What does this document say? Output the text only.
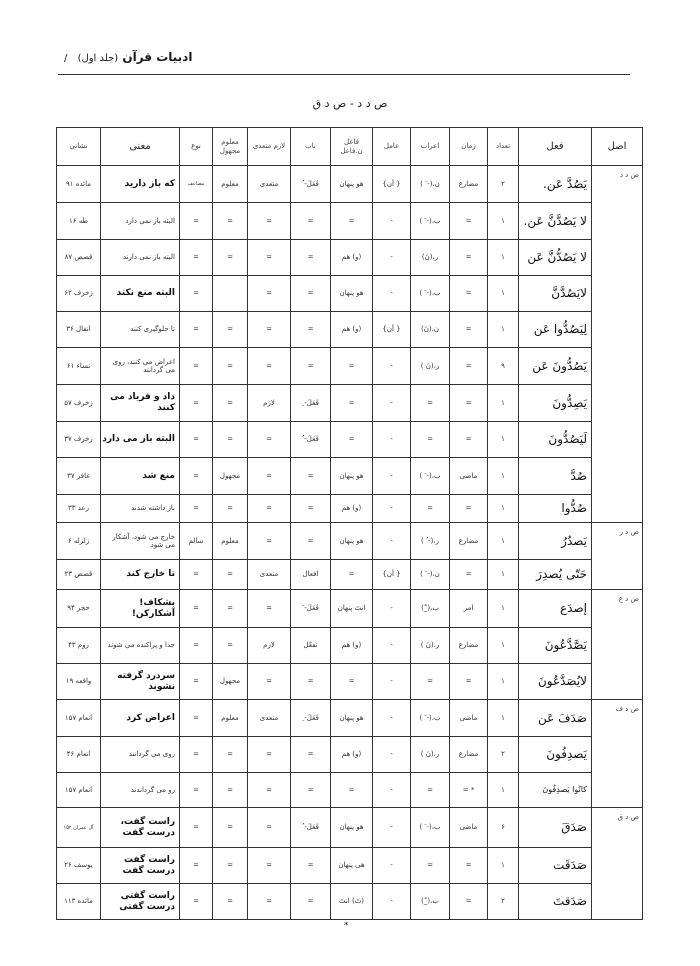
ادبیات قرآن (جلد اول) /
ص د د - ص د ق
اصل	فعل	تعداد	زمان	اعراب	عامل	فاعل ن.فاعل	باب	لازم متعدی	معلوم مجهول	نوع	معنی	نشانی
ص د د	يَصُدَّ عَن.	۲	مضارع	ن،(- َ )	{ أن}	هو پنهان	فَعَلَ- ُ	متعدی	معلوم	مضاعف	که باز دارید	مائده ۹۱
	لا يَصُدَّنَّ عَن.	۱	=	ب،(- َ )	-	=	=	=	=	=	البته باز نمی دارد	طه ۱۶
	لا يَصُدُّنَّ عَن	۱	=	ر،(نَ)	-	(و) هم	=	=	=	=	البته باز نمی دارند	قصص ۸۷
	لايَصُدَّنَّ	۱	=	ب،(- َ )	-	هو پنهان	=	=		=	البته منع نکند	زخرف ۶۲
	لِيَصُدُّوا عَن	۱	=	ن،(نَ)	{ أن}	(و) هم	=	=	=	=	تا جلوگیری کنند	انفال ۳۶
	يَصُدُّونَ عَن	۹	=	ر،(نَ )	-	=	=	=	=	=	اعراض می کنند، روی می گردانند	نساء ۶۱
	يَصِدُّونَ	۱	=	=	-	=	فَعَلَ- ِ	لازم	=	=	داد و فریاد می کنند	زخرف ۵۷
	لَيَصُدُّونَ	۱	=	=	-	=	فَعَلَ- ُ	=	=	=	البته باز می دارد	زخرف ۳۷
	صُدَّ	۱	ماضی	ب،(- َ )	-	هو پنهان	=	=	مجهول	=	منع شد	غافر ۳۷
	صُدُّوا	۱	=	=	-	(و) هم	=	=	=	=	باز داشته شدند	رعد ۳۳
ص د ر	يَصدُرُ	۱	مضارع	ر،(- ُ )	-	هو پنهان	=	=	معلوم	سالم	خارج می شود، آشکار می شود	زلزله ۶
	حَتّی يُصدِرَ	۱	=	ن،(- َ )	{ أن}	=	افعال	متعدی	=	=	تا خارج کند	قصص ۲۳
ص د ع	إصدَع	۱	امر	ب،(_ْ)	-	انتَ پنهان	فَعَلَ- َ	=	=	=	بشکاف! آشکارکن!	حجر ۹۴
	يَصَّدَّعُونَ	۱	مضارع	ر،(نَ )	-	(و) هم	تفعّل	لازم	=	=	جدا و پراکنده می شوند	روم ۴۳
	لايُصَدَّعُونَ	۱	=	=	-	=	=	=	مجهول	=	سردرد گرفته نشوند	واقعه ۱۹
ص د ف	صَدَفَ عَن	۱	ماضی	ب،(- َ )	-	هو پنهان	فَعَلَ- ِ	متعدی	معلوم	=	اعراض کرد	انعام ۱۵۷
	يَصدِفُونَ	۲	مضارع	ر،(نَ )	-	(و) هم	=	=	=	=	روی می گردانند	انعام ۴۶
	كانُوا يَصدِفُونَ	۱	* =	=	-	=	=	=	=	=	رو می گرداندند	انعام ۱۵۷
ص د ق	صَدَقَ	۶	ماضی	ب،(- َ )	-	هو پنهان	فَعَلَ- ُ	=	=	=	راست گفت، درست گفت	آل عمران ۱۵۲
	صَدَقَت	۱	=	=	-	هی پنهان	=	=	=	=	راست گفت درست گفت	یوسف ۲۶
	صَدَقتَ	۲	=	ب،(_ْ)	-	(تَ) انتَ	=	=	=	=	راست گفتی درست گفتی	مائده ۱۱۳
*
